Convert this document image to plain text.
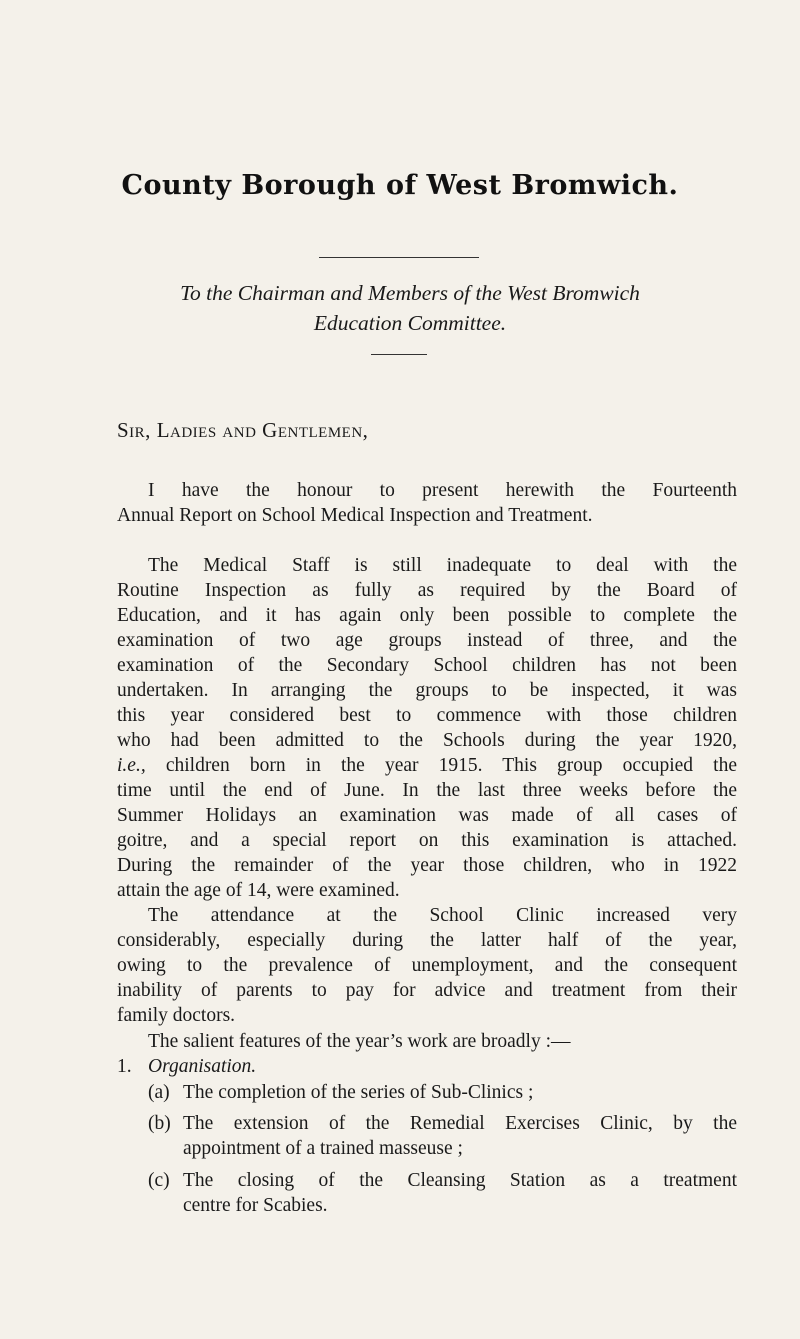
County Borough of West Bromwich.
To the Chairman and Members of the West Bromwich
Education Committee.
Sir, Ladies and Gentlemen,
I have the honour to present herewith the Fourteenth
Annual Report on School Medical Inspection and Treatment.
The Medical Staff is still inadequate to deal with the
Routine Inspection as fully as required by the Board of
Education, and it has again only been possible to complete the
examination of two age groups instead of three, and the
examination of the Secondary School children has not been
undertaken. In arranging the groups to be inspected, it was
this year considered best to commence with those children
who had been admitted to the Schools during the year 1920,
i.e., children born in the year 1915. This group occupied the
time until the end of June. In the last three weeks before the
Summer Holidays an examination was made of all cases of
goitre, and a special report on this examination is attached.
During the remainder of the year those children, who in 1922
attain the age of 14, were examined.
The attendance at the School Clinic increased very
considerably, especially during the latter half of the year,
owing to the prevalence of unemployment, and the consequent
inability of parents to pay for advice and treatment from their
family doctors.
The salient features of the year’s work are broadly :—
1. Organisation.
(a) The completion of the series of Sub-Clinics ;
(b) The extension of the Remedial Exercises Clinic, by the
appointment of a trained masseuse ;
(c) The closing of the Cleansing Station as a treatment
centre for Scabies.
